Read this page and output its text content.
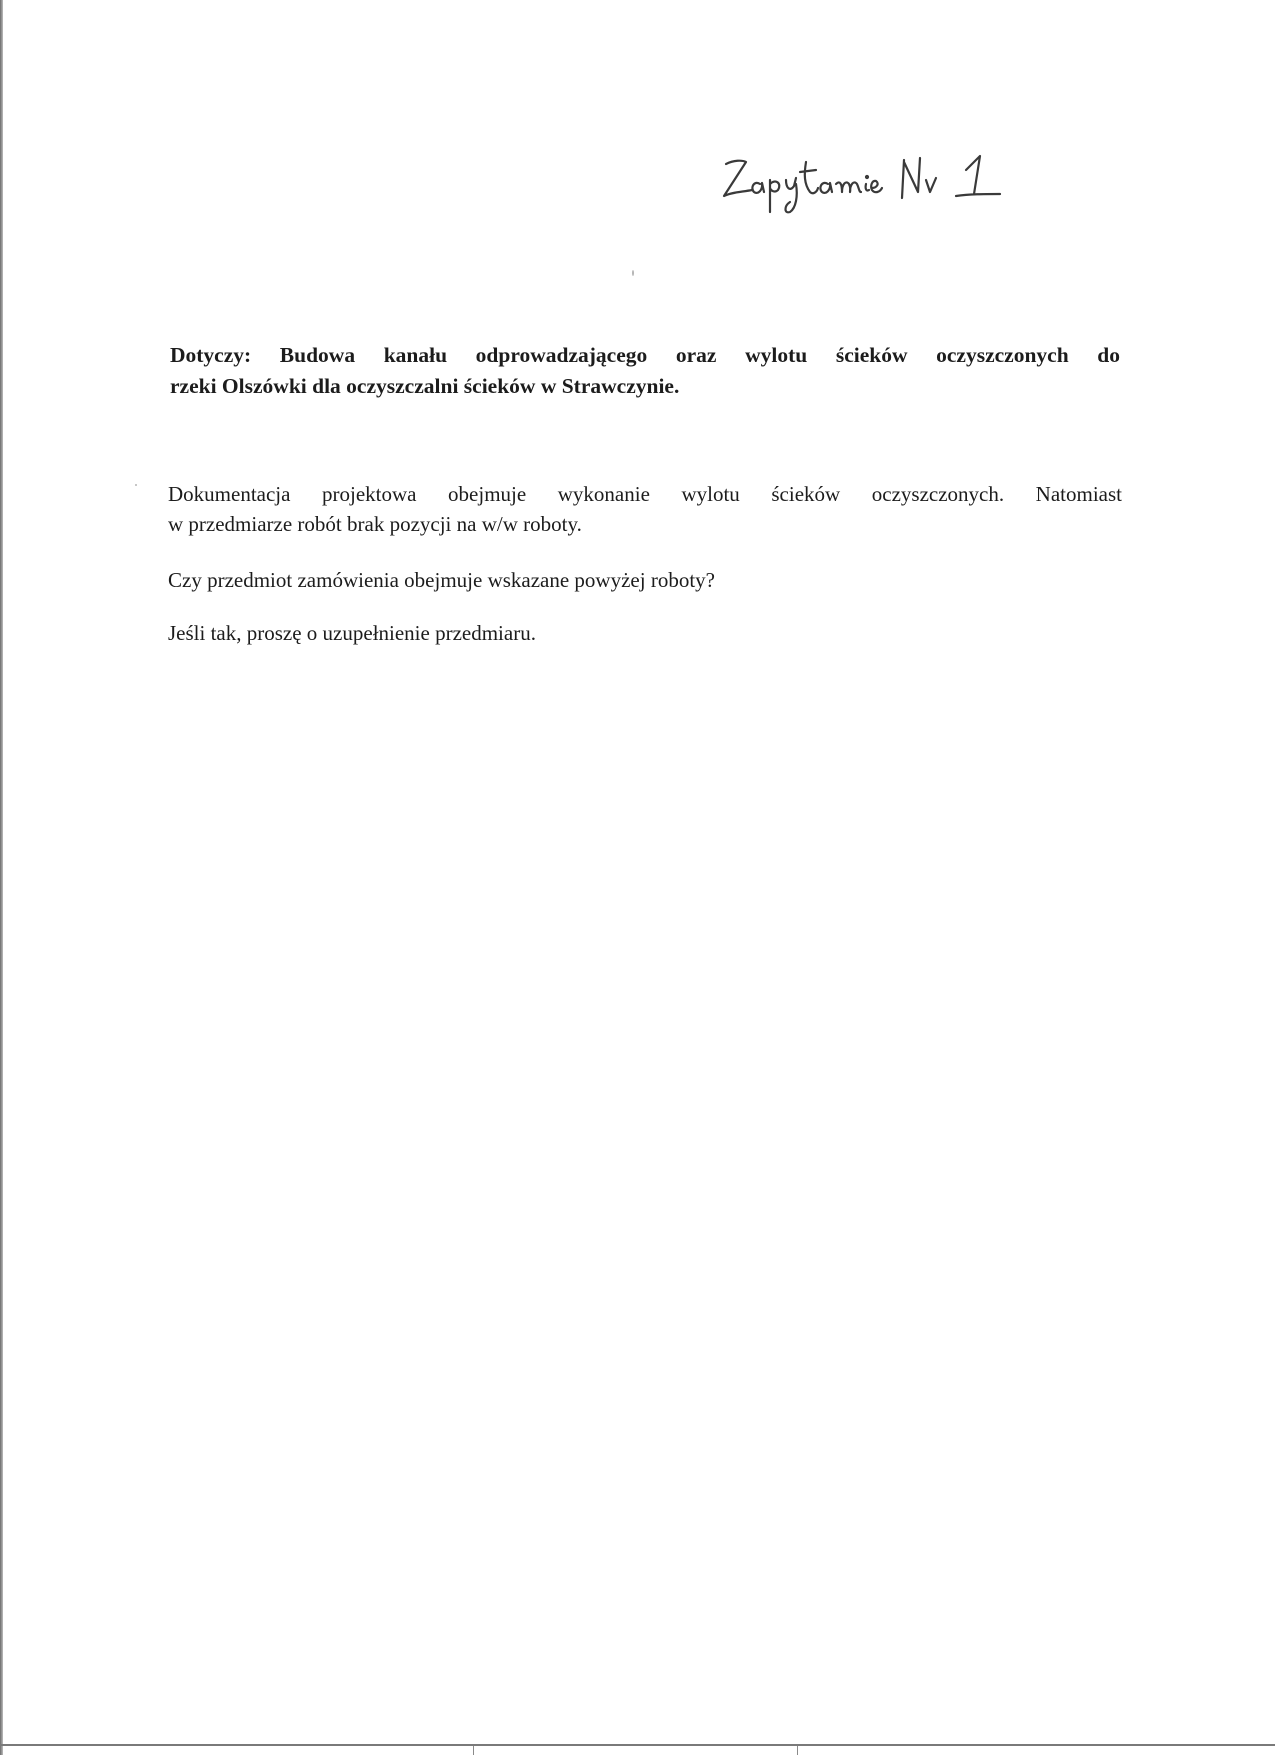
Dotyczy: Budowa kanału odprowadzającego oraz wylotu ścieków oczyszczonych do
rzeki Olszówki dla oczyszczalni ścieków w Strawczynie.

Dokumentacja projektowa obejmuje wykonanie wylotu ścieków oczyszczonych. Natomiast
w przedmiarze robót brak pozycji na w/w roboty.

Czy przedmiot zamówienia obejmuje wskazane powyżej roboty?

Jeśli tak, proszę o uzupełnienie przedmiaru.
